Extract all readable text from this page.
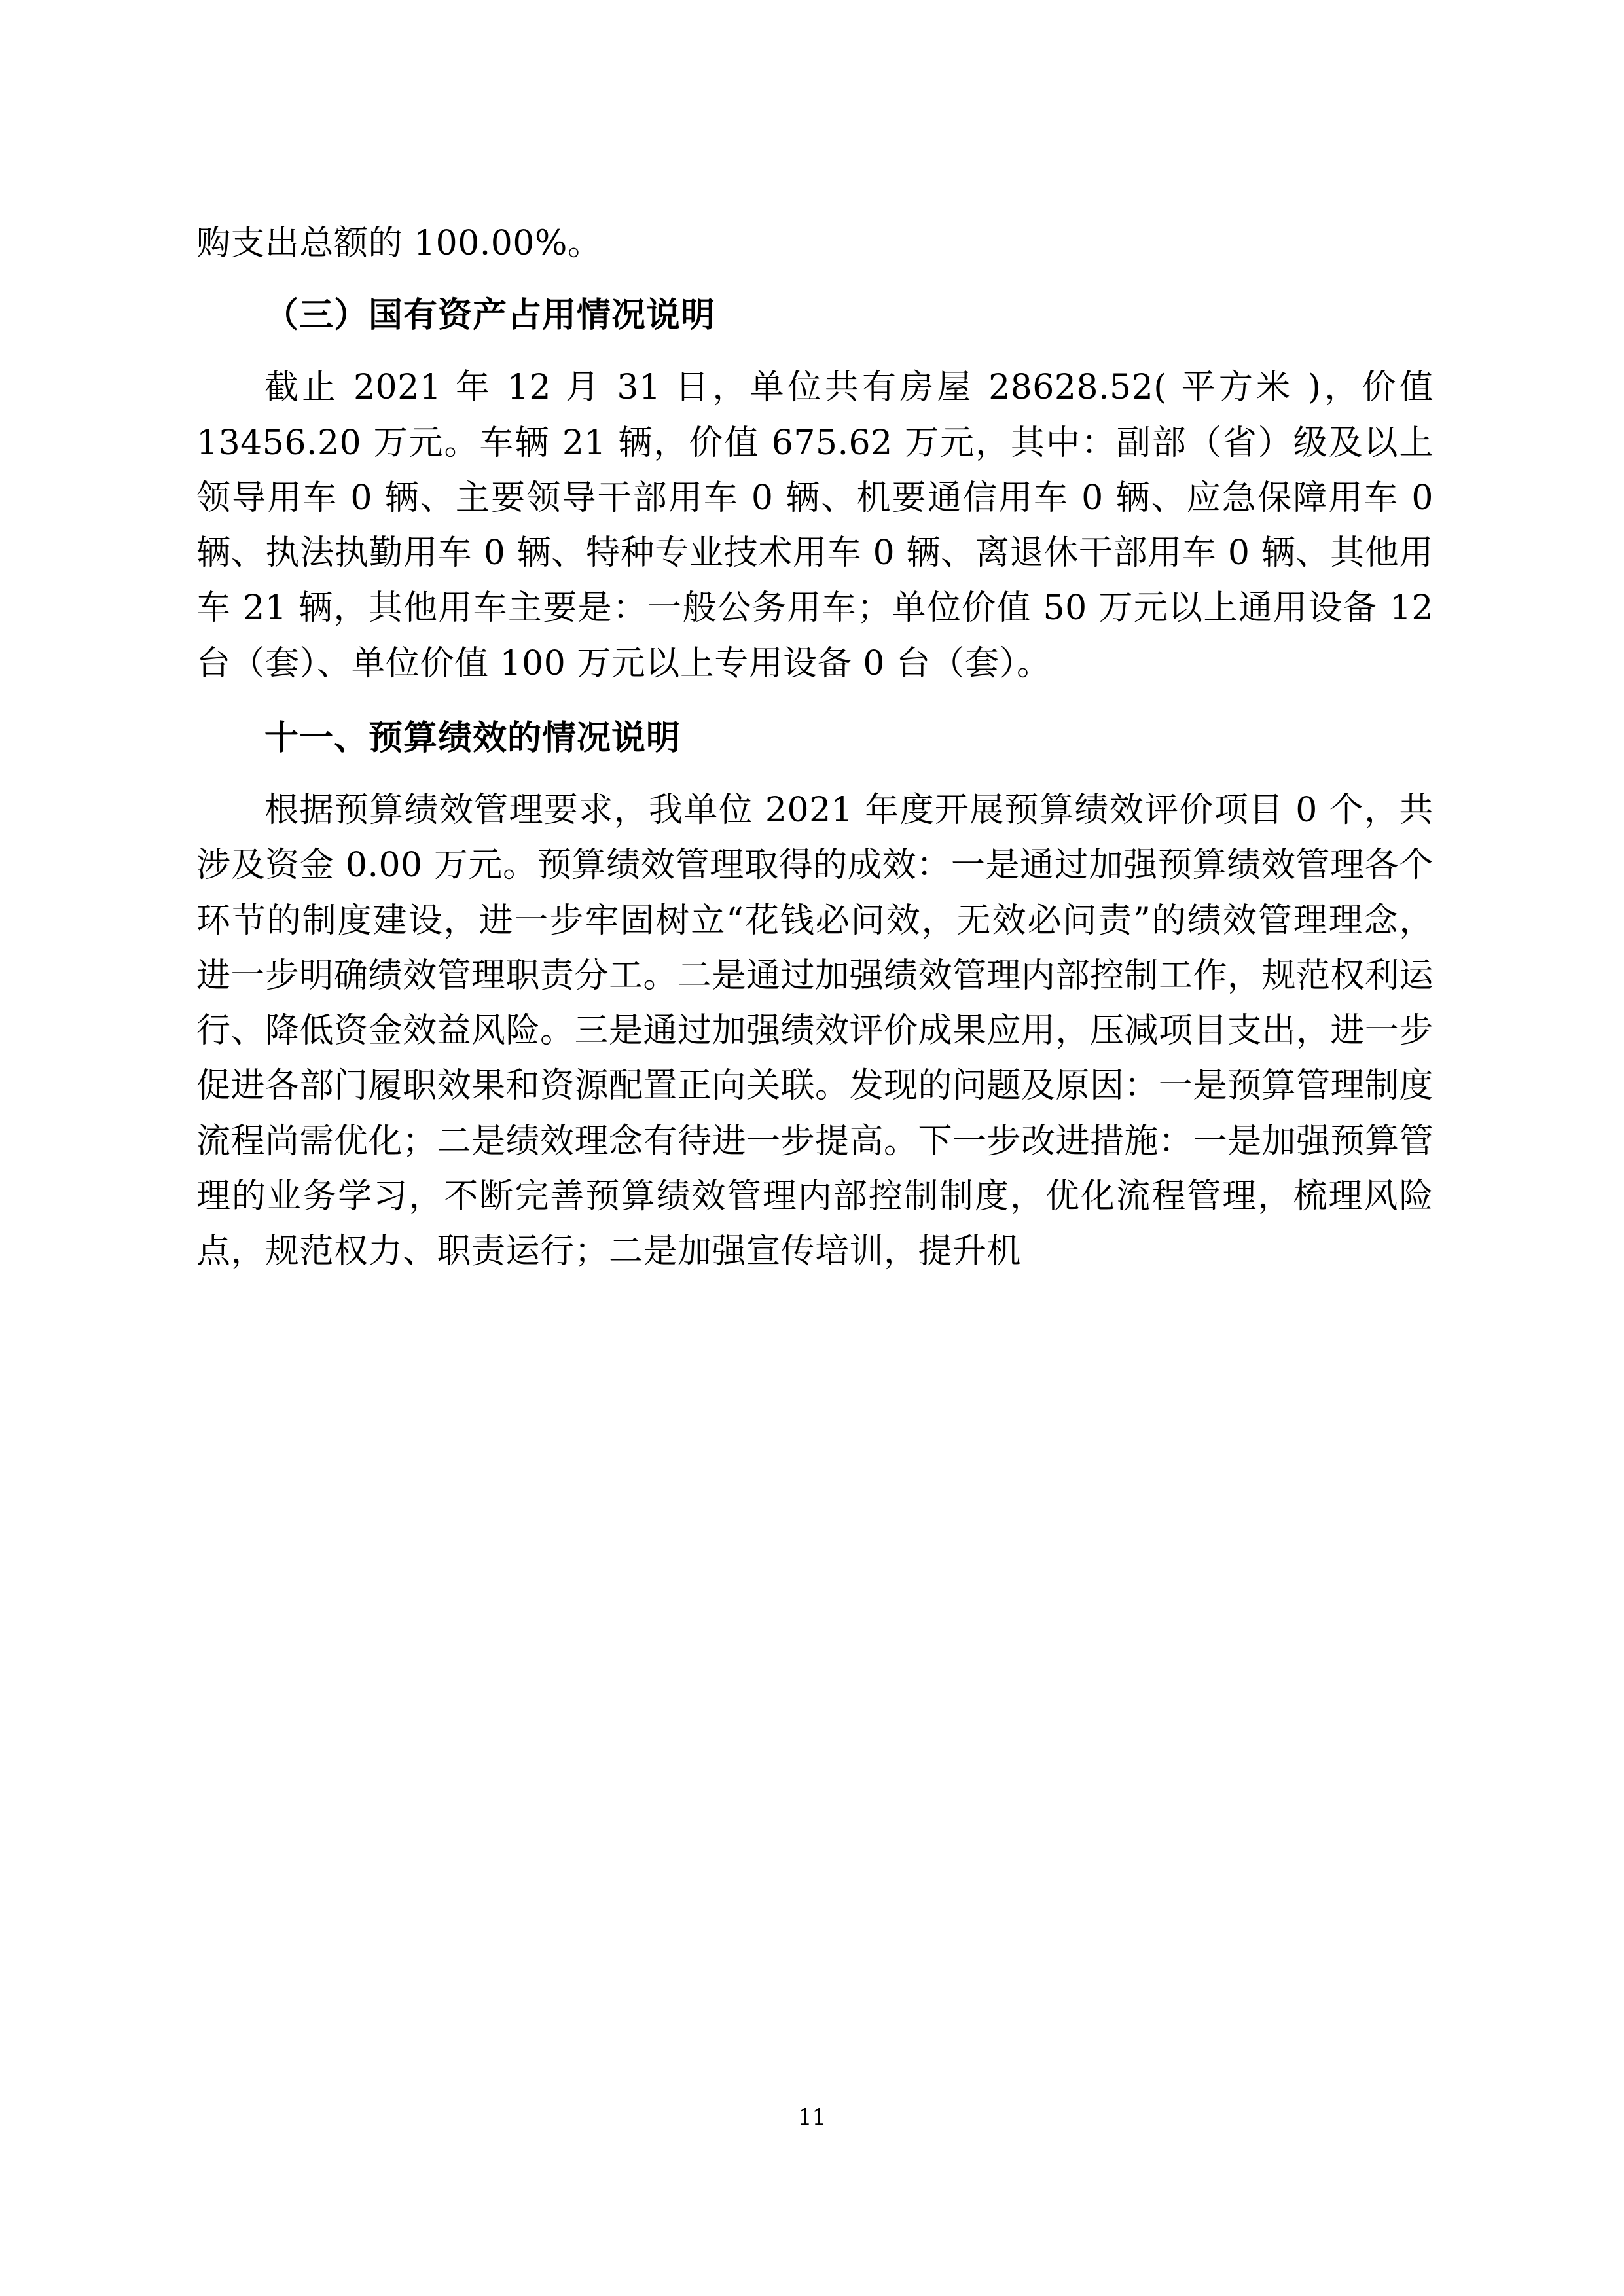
购支出总额的 100.00%。

（三）国有资产占用情况说明

截止 2021 年 12 月 31 日，单位共有房屋 28628.52( 平方米 )，价值 13456.20 万元。车辆 21 辆，价值 675.62 万元，其中：副部（省）级及以上领导用车 0 辆、主要领导干部用车 0 辆、机要通信用车 0 辆、应急保障用车 0 辆、执法执勤用车 0 辆、特种专业技术用车 0 辆、离退休干部用车 0 辆、其他用车 21 辆，其他用车主要是：一般公务用车；单位价值 50 万元以上通用设备 12 台（套）、单位价值 100 万元以上专用设备 0 台（套）。

十一、预算绩效的情况说明

根据预算绩效管理要求，我单位 2021 年度开展预算绩效评价项目 0 个，共涉及资金 0.00 万元。预算绩效管理取得的成效：一是通过加强预算绩效管理各个环节的制度建设，进一步牢固树立“花钱必问效，无效必问责”的绩效管理理念，进一步明确绩效管理职责分工。二是通过加强绩效管理内部控制工作，规范权利运行、降低资金效益风险。三是通过加强绩效评价成果应用，压减项目支出，进一步促进各部门履职效果和资源配置正向关联。发现的问题及原因：一是预算管理制度流程尚需优化；二是绩效理念有待进一步提高。下一步改进措施：一是加强预算管理的业务学习，不断完善预算绩效管理内部控制制度，优化流程管理，梳理风险点，规范权力、职责运行；二是加强宣传培训，提升机

11
